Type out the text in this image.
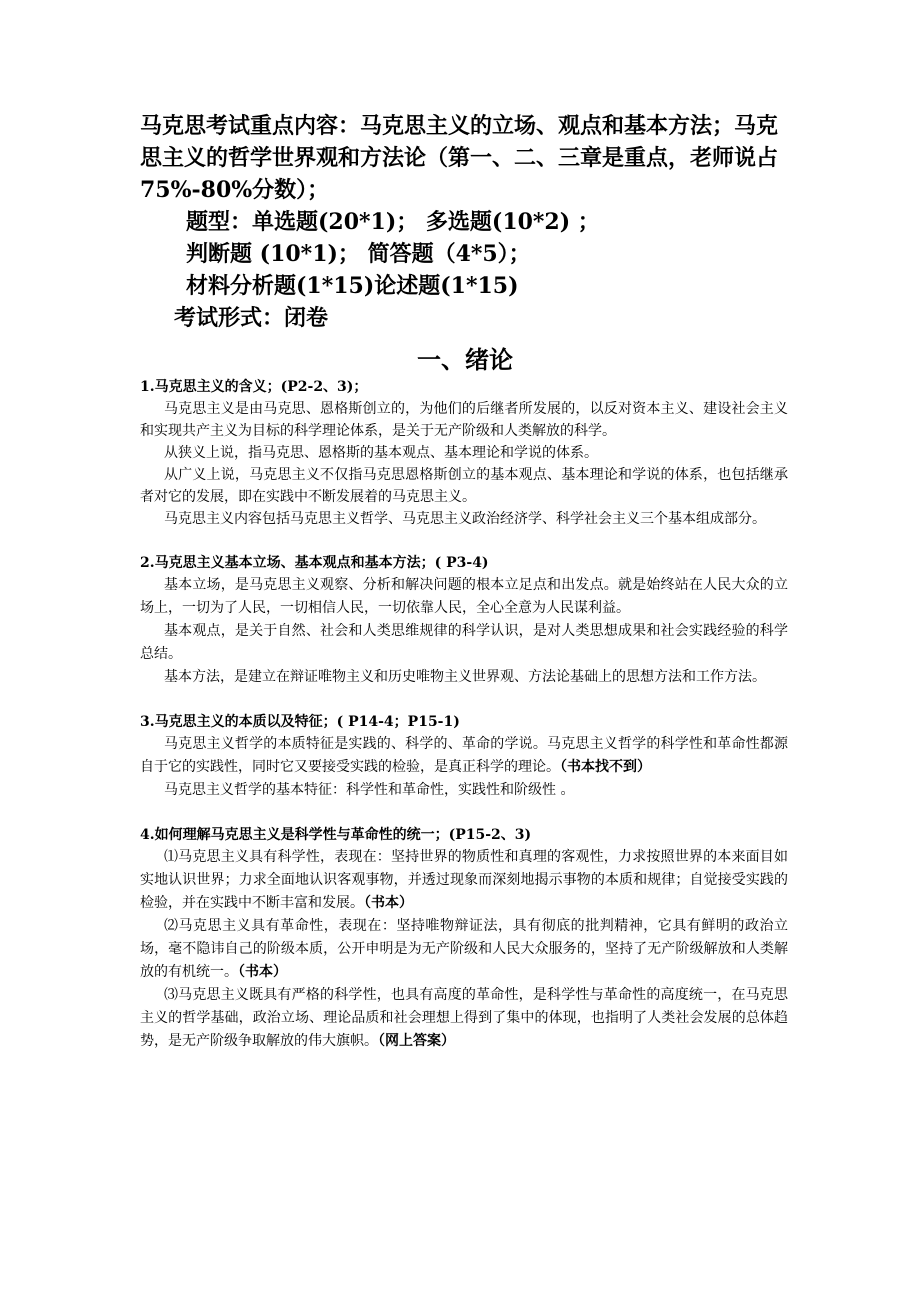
马克思考试重点内容：马克思主义的立场、观点和基本方法；马克思主义的哲学世界观和方法论（第一、二、三章是重点，老师说占 75%-80%分数）；

题型：单选题(20*1)； 多选题(10*2) ；

判断题 (10*1)； 简答题（4*5）；

材料分析题(1*15)论述题(1*15)

考试形式：闭卷

一、绪论

1.马克思主义的含义；(P2-2、3)；

马克思主义是由马克思、恩格斯创立的，为他们的后继者所发展的，以反对资本主义、建设社会主义和实现共产主义为目标的科学理论体系，是关于无产阶级和人类解放的科学。

从狭义上说，指马克思、恩格斯的基本观点、基本理论和学说的体系。

从广义上说，马克思主义不仅指马克思恩格斯创立的基本观点、基本理论和学说的体系，也包括继承者对它的发展，即在实践中不断发展着的马克思主义。

马克思主义内容包括马克思主义哲学、马克思主义政治经济学、科学社会主义三个基本组成部分。

2.马克思主义基本立场、基本观点和基本方法；( P3-4)

基本立场，是马克思主义观察、分析和解决问题的根本立足点和出发点。就是始终站在人民大众的立场上，一切为了人民，一切相信人民，一切依靠人民，全心全意为人民谋利益。

基本观点，是关于自然、社会和人类思维规律的科学认识，是对人类思想成果和社会实践经验的科学总结。

基本方法，是建立在辩证唯物主义和历史唯物主义世界观、方法论基础上的思想方法和工作方法。

3.马克思主义的本质以及特征；( P14-4；P15-1)

马克思主义哲学的本质特征是实践的、科学的、革命的学说。马克思主义哲学的科学性和革命性都源自于它的实践性，同时它又要接受实践的检验，是真正科学的理论。（书本找不到）

马克思主义哲学的基本特征：科学性和革命性，实践性和阶级性 。

4.如何理解马克思主义是科学性与革命性的统一；(P15-2、3)

⑴马克思主义具有科学性，表现在：坚持世界的物质性和真理的客观性，力求按照世界的本来面目如实地认识世界；力求全面地认识客观事物，并透过现象而深刻地揭示事物的本质和规律；自觉接受实践的检验，并在实践中不断丰富和发展。（书本）

⑵马克思主义具有革命性，表现在：坚持唯物辩证法，具有彻底的批判精神，它具有鲜明的政治立场，毫不隐讳自己的阶级本质，公开申明是为无产阶级和人民大众服务的，坚持了无产阶级解放和人类解放的有机统一。（书本）

⑶马克思主义既具有严格的科学性，也具有高度的革命性，是科学性与革命性的高度统一，在马克思主义的哲学基础，政治立场、理论品质和社会理想上得到了集中的体现，也指明了人类社会发展的总体趋势，是无产阶级争取解放的伟大旗帜。（网上答案）
